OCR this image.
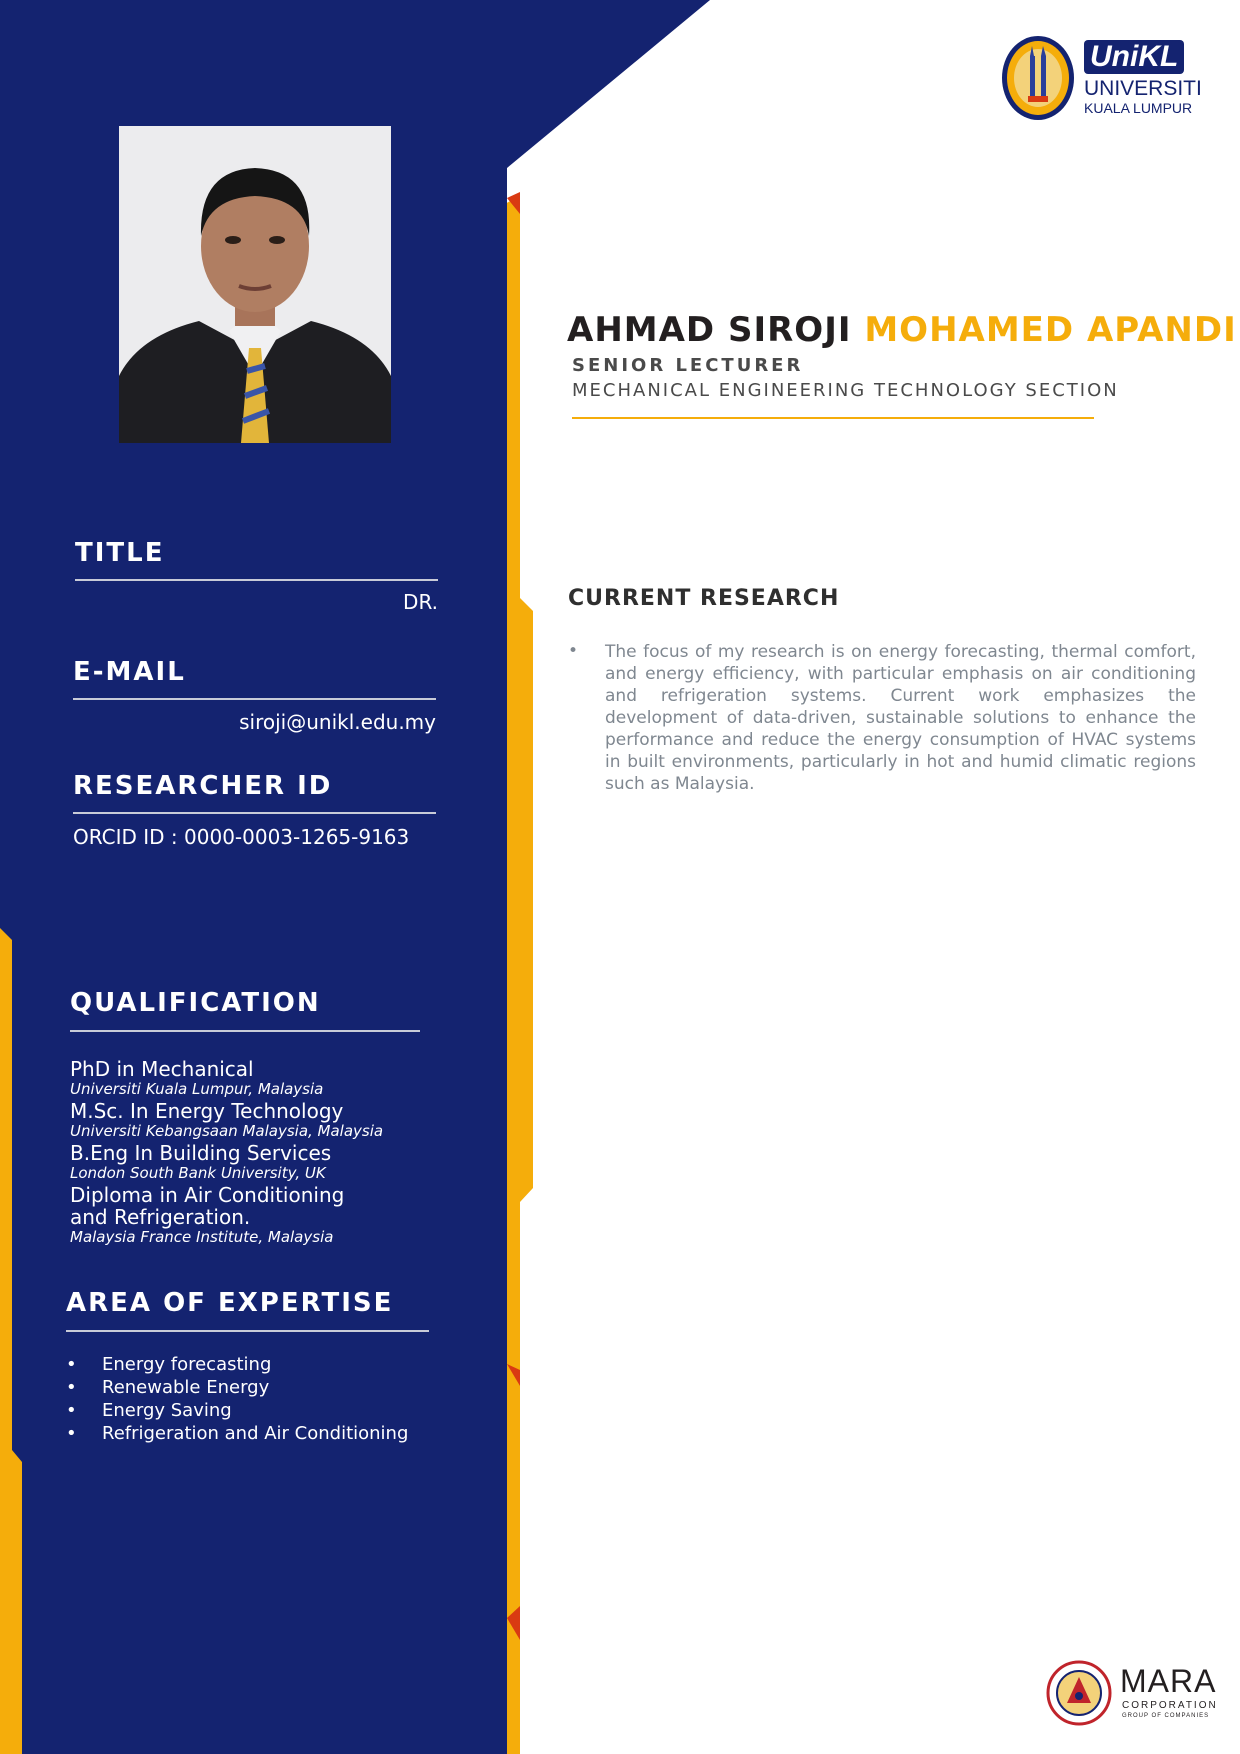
UniKL
UNIVERSITI
KUALA LUMPUR
AHMAD SIROJI MOHAMED APANDI
SENIOR LECTURER
MECHANICAL ENGINEERING TECHNOLOGY SECTION
CURRENT RESEARCH
• The focus of my research is on energy forecasting, thermal comfort, and energy efficiency, with particular emphasis on air conditioning and refrigeration systems. Current work emphasizes the development of data-driven, sustainable solutions to enhance the performance and reduce the energy consumption of HVAC systems in built environments, particularly in hot and humid climatic regions such as Malaysia.
TITLE
DR.
E-MAIL
siroji@unikl.edu.my
RESEARCHER ID
ORCID ID : 0000-0003-1265-9163
QUALIFICATION
PhD in Mechanical
Universiti Kuala Lumpur, Malaysia
M.Sc. In Energy Technology
Universiti Kebangsaan Malaysia, Malaysia
B.Eng In Building Services
London South Bank University, UK
Diploma in Air Conditioning
and Refrigeration.
Malaysia France Institute, Malaysia
AREA OF EXPERTISE
• Energy forecasting
• Renewable Energy
• Energy Saving
• Refrigeration and Air Conditioning
MARA
CORPORATION
GROUP OF COMPANIES
